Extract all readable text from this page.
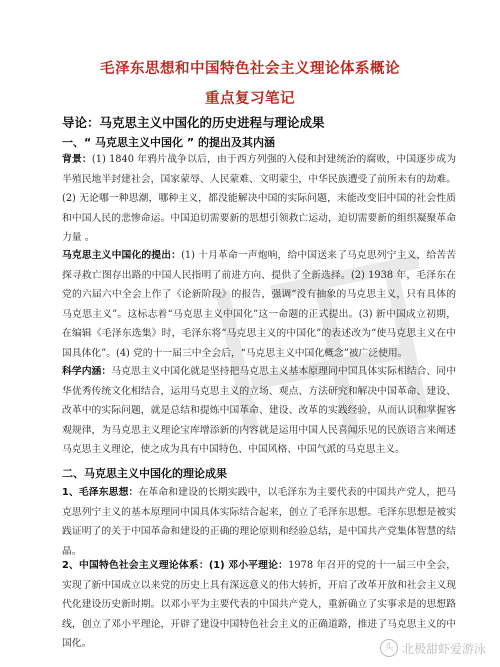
毛泽东思想和中国特色社会主义理论体系概论
重点复习笔记
导论：马克思主义中国化的历史进程与理论成果
一、“ 马克思主义中国化 ” 的提出及其内涵
背景：(1) 1840 年鸦片战争以后，由于西方列强的入侵和封建统治的腐败，中国逐步成为半殖民地半封建社会，国家蒙辱、人民蒙难、文明蒙尘，中华民族遭受了前所未有的劫难。(2) 无论哪一种思潮，哪种主义，都没能解决中国的实际问题，未能改变旧中国的社会性质和中国人民的悲惨命运。中国迫切需要新的思想引领救亡运动，迫切需要新的组织凝聚革命力量 。
马克思主义中国化的提出：(1) 十月革命一声炮响，给中国送来了马克思列宁主义，给苦苦探寻救亡图存出路的中国人民指明了前进方向、提供了全新选择。(2) 1938 年，毛泽东在党的六届六中全会上作了《论新阶段》的报告，强调“没有抽象的马克思主义，只有具体的马克思主义”。这标志着“马克思主义中国化”这一命题的正式提出。(3) 新中国成立初期，在编辑《毛泽东选集》时，毛泽东将“马克思主义的中国化”的表述改为“使马克思主义在中国具体化”。(4) 党的十一届三中全会后，“马克思主义中国化概念”被广泛使用。
科学内涵：马克思主义中国化就是坚持把马克思主义基本原理同中国具体实际相结合、同中华优秀传统文化相结合，运用马克思主义的立场、观点、方法研究和解决中国革命、建设、改革中的实际问题，就是总结和提炼中国革命、建设、改革的实践经验，从而认识和掌握客观规律，为马克思主义理论宝库增添新的内容就是运用中国人民喜闻乐见的民族语言来阐述马克思主义理论，使之成为具有中国特色、中国风格、中国气派的马克思主义。
二、马克思主义中国化的理论成果
1、毛泽东思想：在革命和建设的长期实践中，以毛泽东为主要代表的中国共产党人，把马克思列宁主义的基本原理同中国具体实际结合起来，创立了毛泽东思想。毛泽东思想是被实践证明了的关于中国革命和建设的正确的理论原则和经验总结，是中国共产党集体智慧的结晶。
2、中国特色社会主义理论体系：(1) 邓小平理论：1978 年召开的党的十一届三中全会，实现了新中国成立以来党的历史上具有深远意义的伟大转折，开启了改革开放和社会主义现代化建设历史新时期。以邓小平为主要代表的中国共产党人，重新确立了实事求是的思想路线，创立了邓小平理论，开辟了建设中国特色社会主义的正确道路，推进了马克思主义的中国化。	头 北极甜虾爱游泳
